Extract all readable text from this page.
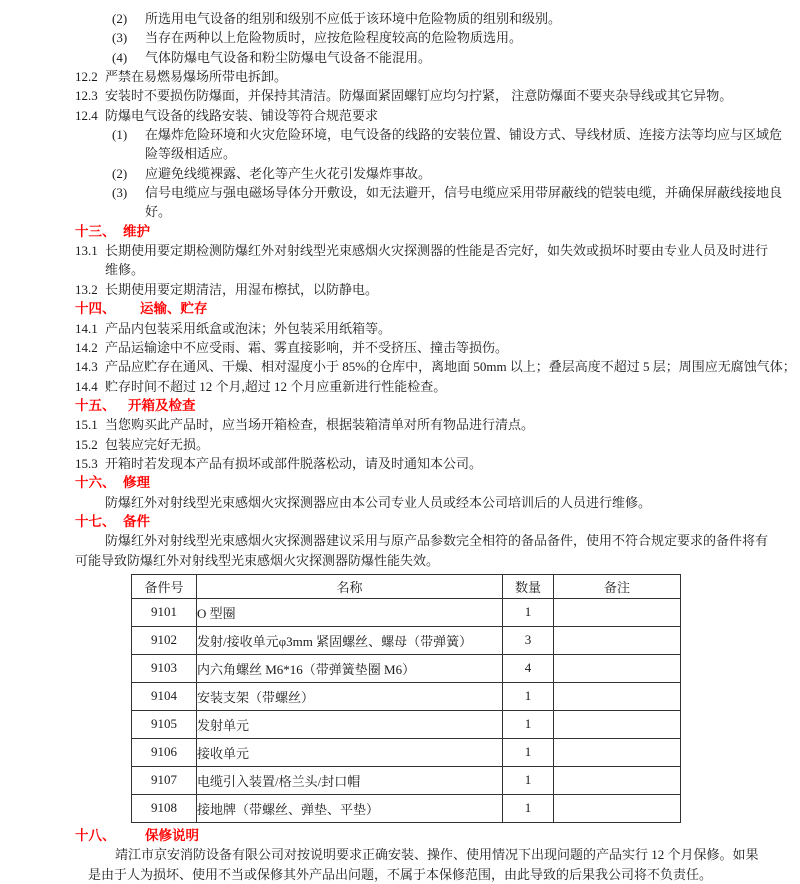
(2) 所选用电气设备的组别和级别不应低于该环境中危险物质的组别和级别。
(3) 当存在两种以上危险物质时，应按危险程度较高的危险物质选用。
(4) 气体防爆电气设备和粉尘防爆电气设备不能混用。
12.2 严禁在易燃易爆场所带电拆卸。
12.3 安装时不要损伤防爆面，并保持其清洁。防爆面紧固螺钉应均匀拧紧， 注意防爆面不要夹杂导线或其它异物。
12.4 防爆电气设备的线路安装、铺设等符合规范要求
(1) 在爆炸危险环境和火灾危险环境，电气设备的线路的安装位置、铺设方式、导线材质、连接方法等均应与区域危
险等级相适应。
(2) 应避免线缆裸露、老化等产生火花引发爆炸事故。
(3) 信号电缆应与强电磁场导体分开敷设，如无法避开，信号电缆应采用带屏蔽线的铠装电缆，并确保屏蔽线接地良
好。
十三、 维护
13.1 长期使用要定期检测防爆红外对射线型光束感烟火灾探测器的性能是否完好，如失效或损坏时要由专业人员及时进行
维修。
13.2 长期使用要定期清洁，用湿布檫拭，以防静电。
十四、 运输、贮存
14.1 产品内包装采用纸盒或泡沫；外包装采用纸箱等。
14.2 产品运输途中不应受雨、霜、雾直接影响，并不受挤压、撞击等损伤。
14.3 产品应贮存在通风、干燥、相对湿度小于 85%的仓库中，离地面 50mm 以上；叠层高度不超过 5 层；周围应无腐蚀气体；
14.4 贮存时间不超过 12 个月,超过 12 个月应重新进行性能检查。
十五、 开箱及检查
15.1 当您购买此产品时，应当场开箱检查，根据装箱清单对所有物品进行清点。
15.2 包装应完好无损。
15.3 开箱时若发现本产品有损坏或部件脱落松动，请及时通知本公司。
十六、 修理
防爆红外对射线型光束感烟火灾探测器应由本公司专业人员或经本公司培训后的人员进行维修。
十七、 备件
防爆红外对射线型光束感烟火灾探测器建议采用与原产品参数完全相符的备品备件，使用不符合规定要求的备件将有
可能导致防爆红外对射线型光束感烟火灾探测器防爆性能失效。
备件号	名称	数量	备注
9101	O 型圈	1	
9102	发射/接收单元φ3mm 紧固螺丝、螺母（带弹簧）	3	
9103	内六角螺丝 M6*16（带弹簧垫圈 M6）	4	
9104	安装支架（带螺丝）	1	
9105	发射单元	1	
9106	接收单元	1	
9107	电缆引入装置/格兰头/封口帽	1	
9108	接地牌（带螺丝、弹垫、平垫）	1	
十八、 保修说明
靖江市京安消防设备有限公司对按说明要求正确安装、操作、使用情况下出现问题的产品实行 12 个月保修。如果
是由于人为损坏、使用不当或保修其外产品出问题，不属于本保修范围，由此导致的后果我公司将不负责任。
